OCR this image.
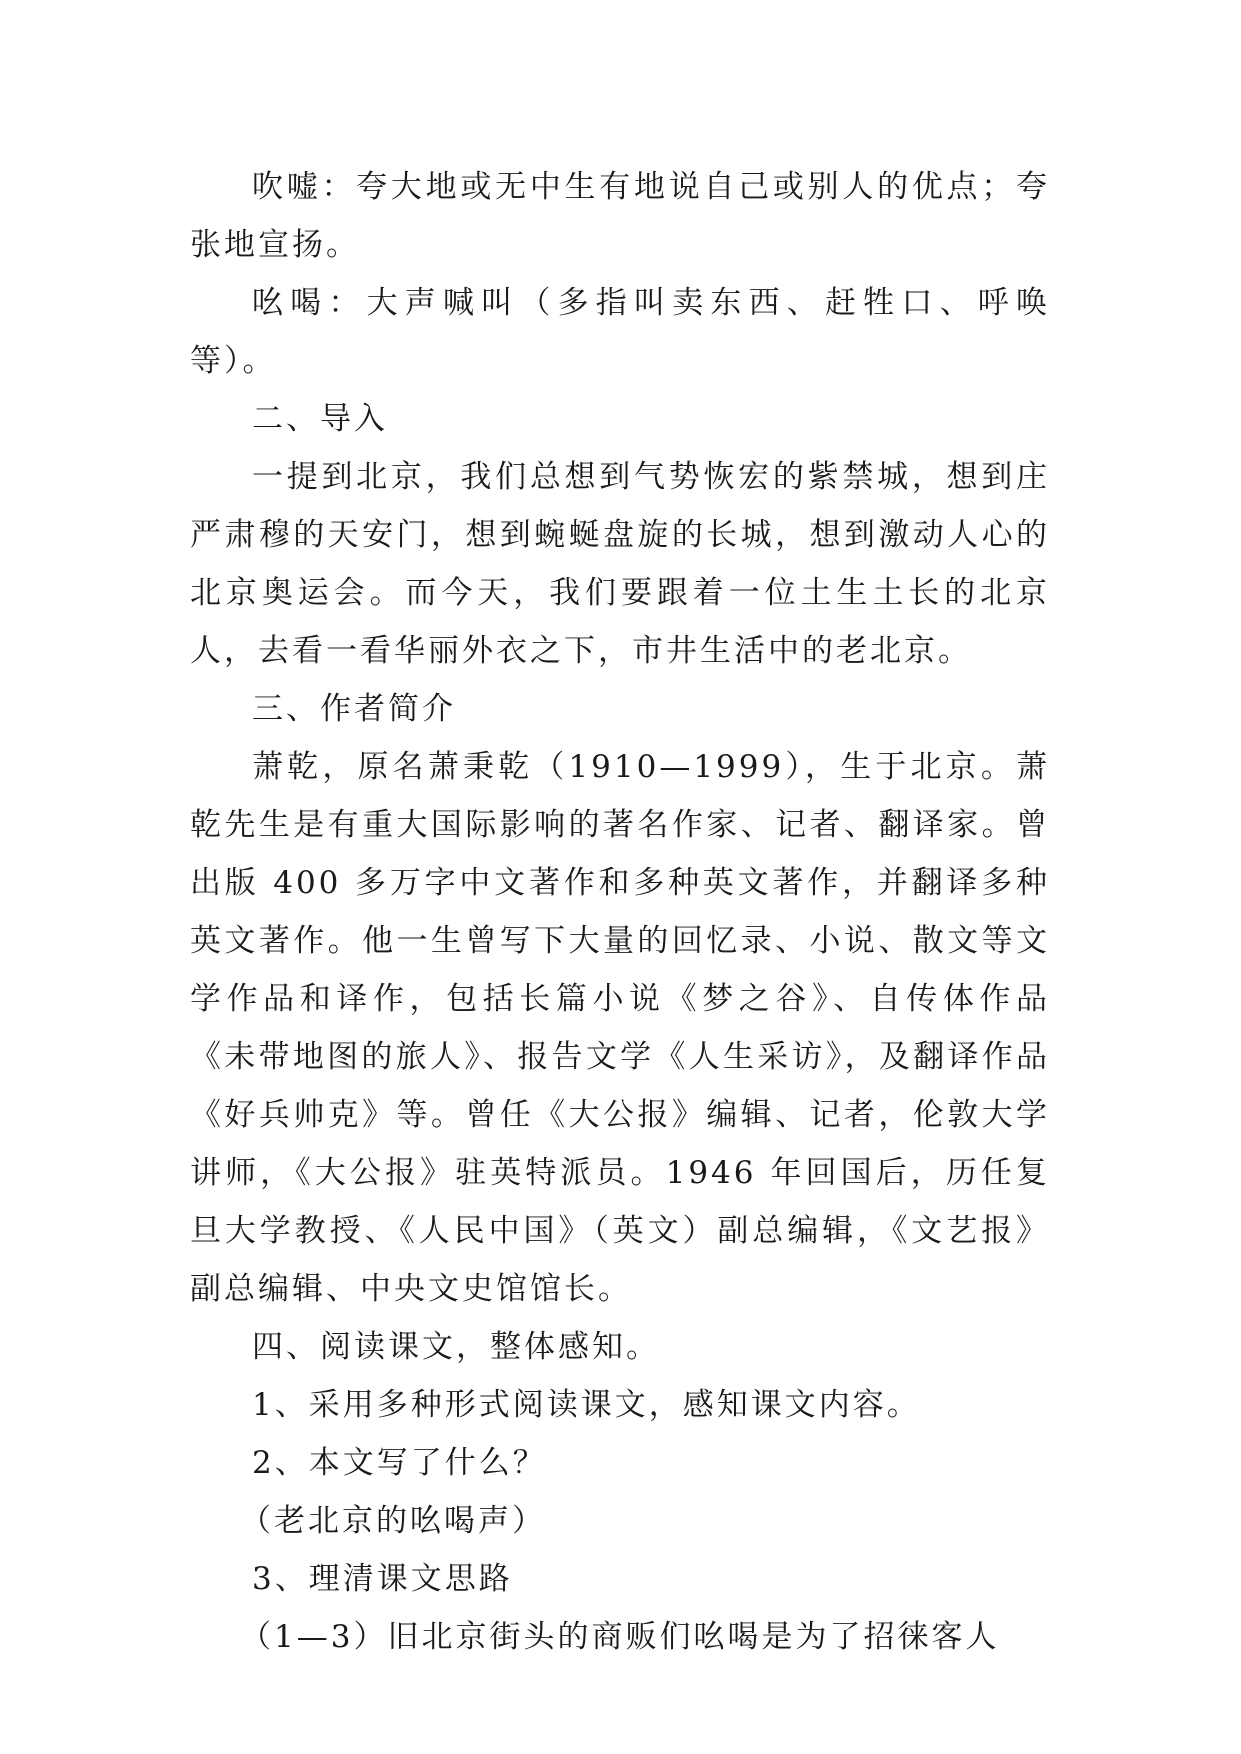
吹嘘：夸大地或无中生有地说自己或别人的优点；夸张地宣扬。

吆喝：大声喊叫（多指叫卖东西、赶牲口、呼唤等）。

二、导入

一提到北京，我们总想到气势恢宏的紫禁城，想到庄严肃穆的天安门，想到蜿蜒盘旋的长城，想到激动人心的北京奥运会。而今天，我们要跟着一位土生土长的北京人，去看一看华丽外衣之下，市井生活中的老北京。

三、作者简介

萧乾，原名萧秉乾（1910—1999），生于北京。萧乾先生是有重大国际影响的著名作家、记者、翻译家。曾出版 400 多万字中文著作和多种英文著作，并翻译多种英文著作。他一生曾写下大量的回忆录、小说、散文等文学作品和译作，包括长篇小说《梦之谷》、自传体作品《未带地图的旅人》、报告文学《人生采访》，及翻译作品《好兵帅克》等。曾任《大公报》编辑、记者，伦敦大学讲师，《大公报》驻英特派员。1946 年回国后，历任复旦大学教授、《人民中国》（英文）副总编辑，《文艺报》副总编辑、中央文史馆馆长。

四、阅读课文，整体感知。

1、采用多种形式阅读课文，感知课文内容。

2、本文写了什么？

（老北京的吆喝声）

3、理清课文思路

（1—3）旧北京街头的商贩们吆喝是为了招徕客人
